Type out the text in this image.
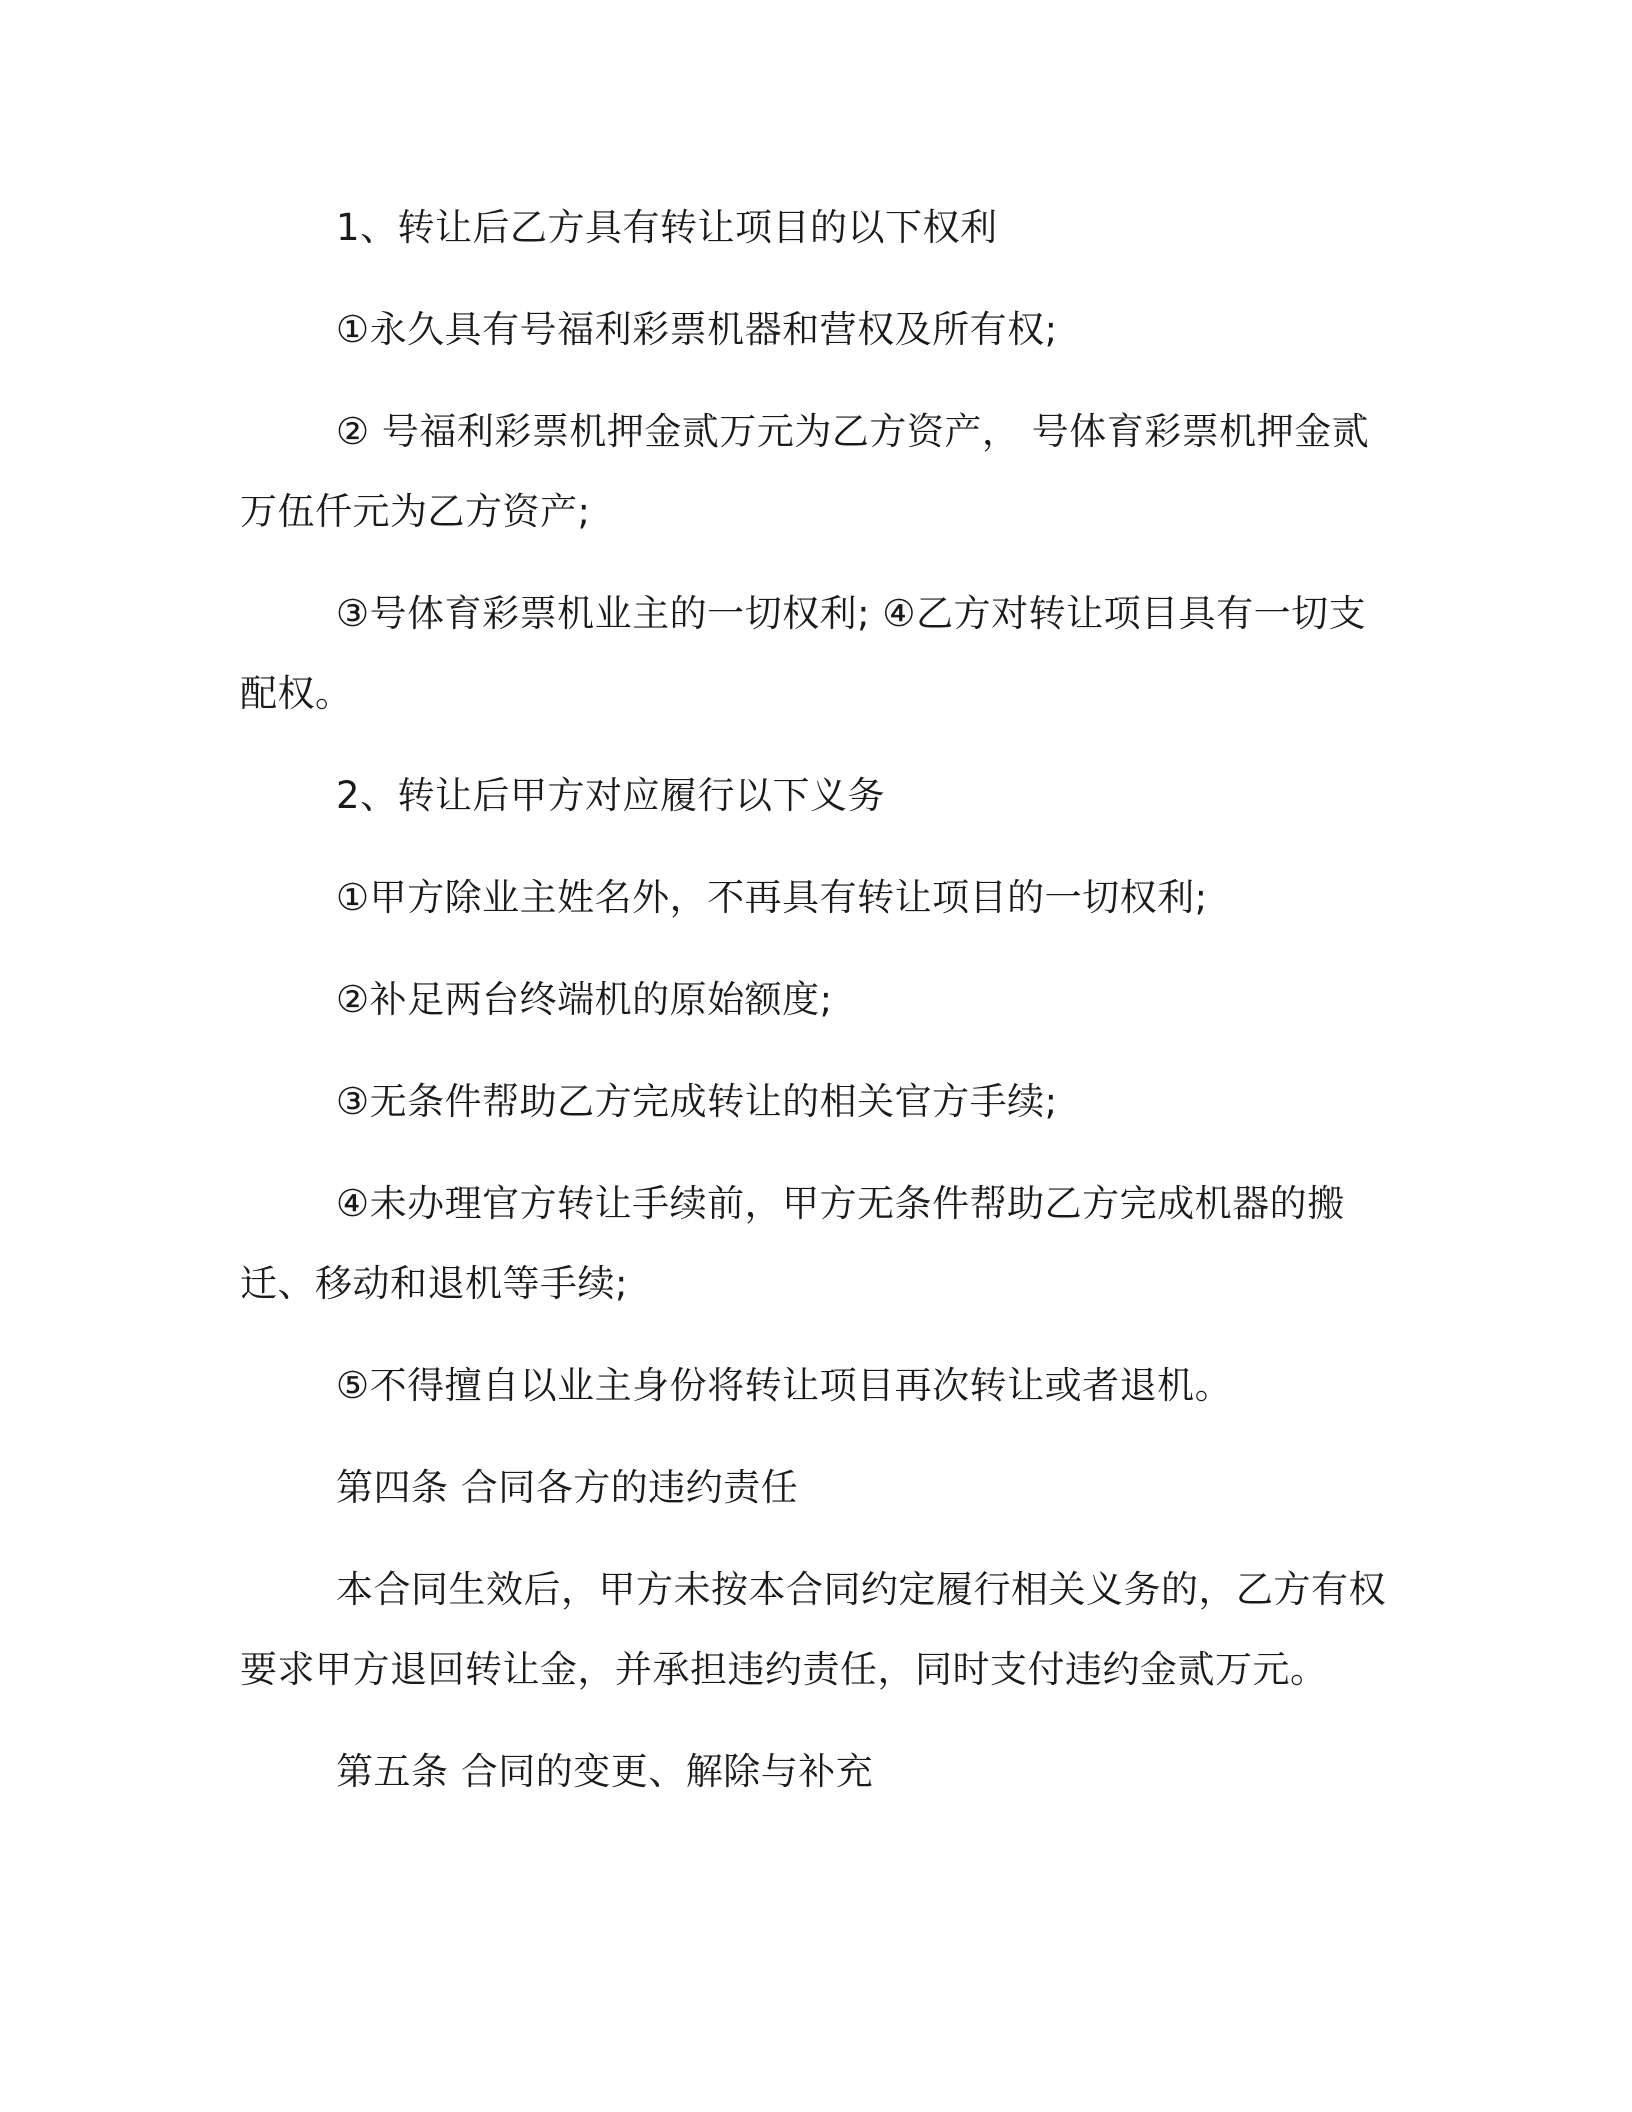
1、转让后乙方具有转让项目的以下权利

①永久具有号福利彩票机器和营权及所有权;

② 号福利彩票机押金贰万元为乙方资产， 号体育彩票机押金贰万伍仟元为乙方资产;

③号体育彩票机业主的一切权利; ④乙方对转让项目具有一切支配权。

2、转让后甲方对应履行以下义务

①甲方除业主姓名外，不再具有转让项目的一切权利;

②补足两台终端机的原始额度;

③无条件帮助乙方完成转让的相关官方手续;

④未办理官方转让手续前，甲方无条件帮助乙方完成机器的搬迁、移动和退机等手续;

⑤不得擅自以业主身份将转让项目再次转让或者退机。

第四条 合同各方的违约责任

本合同生效后，甲方未按本合同约定履行相关义务的，乙方有权要求甲方退回转让金，并承担违约责任，同时支付违约金贰万元。

第五条 合同的变更、解除与补充
